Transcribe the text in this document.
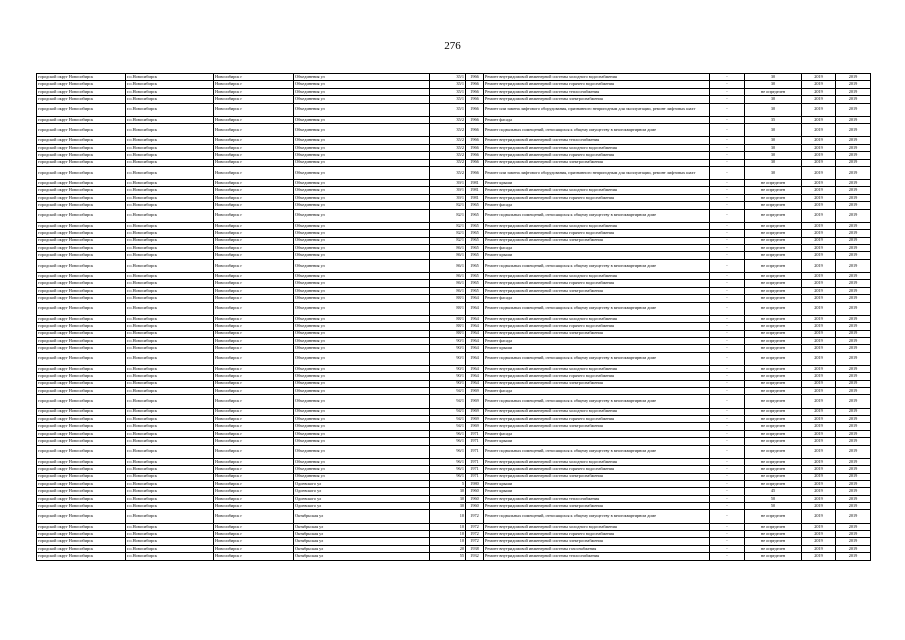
276
городской округ Новосибирск	г.о.Новосибирск	Новосибирск г	Объединения ул	35/1	1966	Ремонт внутридомовой инженерной системы холодного водоснабжения	-	30	2019	2019
городской округ Новосибирск	г.о.Новосибирск	Новосибирск г	Объединения ул	35/1	1966	Ремонт внутридомовой инженерной системы горячего водоснабжения	-	30	2019	2019
городской округ Новосибирск	г.о.Новосибирск	Новосибирск г	Объединения ул	35/1	1966	Ремонт внутридомовой инженерной системы теплоснабжения	-	не определен	2019	2019
городской округ Новосибирск	г.о.Новосибирск	Новосибирск г	Объединения ул	35/1	1966	Ремонт внутридомовой инженерной системы электроснабжения	-	30	2019	2019
городской округ Новосибирск	г.о.Новосибирск	Новосибирск г	Объединения ул	35/1	1966	Ремонт или замена лифтового оборудования, признанного непригодным для эксплуатации, ремонт лифтовых шахт	-	30	2019	2019
городской округ Новосибирск	г.о.Новосибирск	Новосибирск г	Объединения ул	35/2	1966	Ремонт фасада	-	35	2019	2019
городской округ Новосибирск	г.о.Новосибирск	Новосибирск г	Объединения ул	35/2	1966	Ремонт подвальных помещений, относящихся к общему имуществу в многоквартирном доме	-	30	2019	2019
городской округ Новосибирск	г.о.Новосибирск	Новосибирск г	Объединения ул	35/2	1966	Ремонт внутридомовой инженерной системы теплоснабжения	-	30	2019	2019
городской округ Новосибирск	г.о.Новосибирск	Новосибирск г	Объединения ул	35/2	1966	Ремонт внутридомовой инженерной системы холодного водоснабжения	-	30	2019	2019
городской округ Новосибирск	г.о.Новосибирск	Новосибирск г	Объединения ул	35/2	1966	Ремонт внутридомовой инженерной системы горячего водоснабжения	-	30	2019	2019
городской округ Новосибирск	г.о.Новосибирск	Новосибирск г	Объединения ул	35/2	1966	Ремонт внутридомовой инженерной системы электроснабжения	-	30	2019	2019
городской округ Новосибирск	г.о.Новосибирск	Новосибирск г	Объединения ул	35/2	1966	Ремонт или замена лифтового оборудования, признанного непригодным для эксплуатации, ремонт лифтовых шахт	-	30	2019	2019
городской округ Новосибирск	г.о.Новосибирск	Новосибирск г	Объединения ул	39/1	1981	Ремонт крыши	-	не определен	2019	2019
городской округ Новосибирск	г.о.Новосибирск	Новосибирск г	Объединения ул	39/1	1981	Ремонт внутридомовой инженерной системы холодного водоснабжения	-	не определен	2019	2019
городской округ Новосибирск	г.о.Новосибирск	Новосибирск г	Объединения ул	39/1	1981	Ремонт внутридомовой инженерной системы горячего водоснабжения	-	не определен	2019	2019
городской округ Новосибирск	г.о.Новосибирск	Новосибирск г	Объединения ул	82/1	1965	Ремонт фасада	-	не определен	2019	2019
городской округ Новосибирск	г.о.Новосибирск	Новосибирск г	Объединения ул	82/1	1965	Ремонт подвальных помещений, относящихся к общему имуществу в многоквартирном доме	-	не определен	2019	2019
городской округ Новосибирск	г.о.Новосибирск	Новосибирск г	Объединения ул	82/1	1965	Ремонт внутридомовой инженерной системы холодного водоснабжения	-	не определен	2019	2019
городской округ Новосибирск	г.о.Новосибирск	Новосибирск г	Объединения ул	82/1	1965	Ремонт внутридомовой инженерной системы горячего водоснабжения	-	не определен	2019	2019
городской округ Новосибирск	г.о.Новосибирск	Новосибирск г	Объединения ул	82/1	1965	Ремонт внутридомовой инженерной системы электроснабжения	-	не определен	2019	2019
городской округ Новосибирск	г.о.Новосибирск	Новосибирск г	Объединения ул	86/1	1965	Ремонт фасада	-	не определен	2019	2019
городской округ Новосибирск	г.о.Новосибирск	Новосибирск г	Объединения ул	86/1	1965	Ремонт крыши	-	не определен	2019	2019
городской округ Новосибирск	г.о.Новосибирск	Новосибирск г	Объединения ул	86/1	1965	Ремонт подвальных помещений, относящихся к общему имуществу в многоквартирном доме	-	не определен	2019	2019
городской округ Новосибирск	г.о.Новосибирск	Новосибирск г	Объединения ул	86/1	1965	Ремонт внутридомовой инженерной системы холодного водоснабжения	-	не определен	2019	2019
городской округ Новосибирск	г.о.Новосибирск	Новосибирск г	Объединения ул	86/1	1965	Ремонт внутридомовой инженерной системы горячего водоснабжения	-	не определен	2019	2019
городской округ Новосибирск	г.о.Новосибирск	Новосибирск г	Объединения ул	86/1	1965	Ремонт внутридомовой инженерной системы электроснабжения	-	не определен	2019	2019
городской округ Новосибирск	г.о.Новосибирск	Новосибирск г	Объединения ул	88/1	1964	Ремонт фасада	-	не определен	2019	2019
городской округ Новосибирск	г.о.Новосибирск	Новосибирск г	Объединения ул	88/1	1964	Ремонт подвальных помещений, относящихся к общему имуществу в многоквартирном доме	-	не определен	2019	2019
городской округ Новосибирск	г.о.Новосибирск	Новосибирск г	Объединения ул	88/1	1964	Ремонт внутридомовой инженерной системы холодного водоснабжения	-	не определен	2019	2019
городской округ Новосибирск	г.о.Новосибирск	Новосибирск г	Объединения ул	88/1	1964	Ремонт внутридомовой инженерной системы горячего водоснабжения	-	не определен	2019	2019
городской округ Новосибирск	г.о.Новосибирск	Новосибирск г	Объединения ул	88/1	1964	Ремонт внутридомовой инженерной системы электроснабжения	-	не определен	2019	2019
городской округ Новосибирск	г.о.Новосибирск	Новосибирск г	Объединения ул	90/1	1964	Ремонт фасада	-	не определен	2019	2019
городской округ Новосибирск	г.о.Новосибирск	Новосибирск г	Объединения ул	90/1	1964	Ремонт крыши	-	не определен	2019	2019
городской округ Новосибирск	г.о.Новосибирск	Новосибирск г	Объединения ул	90/1	1964	Ремонт подвальных помещений, относящихся к общему имуществу в многоквартирном доме	-	не определен	2019	2019
городской округ Новосибирск	г.о.Новосибирск	Новосибирск г	Объединения ул	90/1	1964	Ремонт внутридомовой инженерной системы холодного водоснабжения	-	не определен	2019	2019
городской округ Новосибирск	г.о.Новосибирск	Новосибирск г	Объединения ул	90/1	1964	Ремонт внутридомовой инженерной системы горячего водоснабжения	-	не определен	2019	2019
городской округ Новосибирск	г.о.Новосибирск	Новосибирск г	Объединения ул	90/1	1964	Ремонт внутридомовой инженерной системы электроснабжения	-	не определен	2019	2019
городской округ Новосибирск	г.о.Новосибирск	Новосибирск г	Объединения ул	94/1	1969	Ремонт фасада	-	не определен	2019	2019
городской округ Новосибирск	г.о.Новосибирск	Новосибирск г	Объединения ул	94/1	1969	Ремонт подвальных помещений, относящихся к общему имуществу в многоквартирном доме	-	не определен	2019	2019
городской округ Новосибирск	г.о.Новосибирск	Новосибирск г	Объединения ул	94/1	1969	Ремонт внутридомовой инженерной системы холодного водоснабжения	-	не определен	2019	2019
городской округ Новосибирск	г.о.Новосибирск	Новосибирск г	Объединения ул	94/1	1969	Ремонт внутридомовой инженерной системы горячего водоснабжения	-	не определен	2019	2019
городской округ Новосибирск	г.о.Новосибирск	Новосибирск г	Объединения ул	94/1	1969	Ремонт внутридомовой инженерной системы электроснабжения	-	не определен	2019	2019
городской округ Новосибирск	г.о.Новосибирск	Новосибирск г	Объединения ул	96/1	1971	Ремонт фасада	-	не определен	2019	2019
городской округ Новосибирск	г.о.Новосибирск	Новосибирск г	Объединения ул	96/1	1971	Ремонт крыши	-	не определен	2019	2019
городской округ Новосибирск	г.о.Новосибирск	Новосибирск г	Объединения ул	96/1	1971	Ремонт подвальных помещений, относящихся к общему имуществу в многоквартирном доме	-	не определен	2019	2019
городской округ Новосибирск	г.о.Новосибирск	Новосибирск г	Объединения ул	96/1	1971	Ремонт внутридомовой инженерной системы холодного водоснабжения	-	не определен	2019	2019
городской округ Новосибирск	г.о.Новосибирск	Новосибирск г	Объединения ул	96/1	1971	Ремонт внутридомовой инженерной системы горячего водоснабжения	-	не определен	2019	2019
городской округ Новосибирск	г.о.Новосибирск	Новосибирск г	Объединения ул	96/1	1971	Ремонт внутридомовой инженерной системы электроснабжения	-	не определен	2019	2019
городской округ Новосибирск	г.о.Новосибирск	Новосибирск г	Одоевского ул	5	1980	Ремонт крыши	-	не определен	2019	2019
городской округ Новосибирск	г.о.Новосибирск	Новосибирск г	Одоевского ул	30	1960	Ремонт крыши	-	45	2019	2019
городской округ Новосибирск	г.о.Новосибирск	Новосибирск г	Одоевского ул	30	1960	Ремонт внутридомовой инженерной системы теплоснабжения	-	50	2019	2019
городской округ Новосибирск	г.о.Новосибирск	Новосибирск г	Одоевского ул	30	1960	Ремонт внутридомовой инженерной системы электроснабжения	-	50	2019	2019
городской округ Новосибирск	г.о.Новосибирск	Новосибирск г	Октябрьская ул	10	1972	Ремонт подвальных помещений, относящихся к общему имуществу в многоквартирном доме	-	не определен	2019	2019
городской округ Новосибирск	г.о.Новосибирск	Новосибирск г	Октябрьская ул	10	1972	Ремонт внутридомовой инженерной системы холодного водоснабжения	-	не определен	2019	2019
городской округ Новосибирск	г.о.Новосибирск	Новосибирск г	Октябрьская ул	10	1972	Ремонт внутридомовой инженерной системы горячего водоснабжения	-	не определен	2019	2019
городской округ Новосибирск	г.о.Новосибирск	Новосибирск г	Октябрьская ул	10	1972	Ремонт внутридомовой инженерной системы электроснабжения	-	не определен	2019	2019
городской округ Новосибирск	г.о.Новосибирск	Новосибирск г	Октябрьская ул	20	1938	Ремонт внутридомовой инженерной системы газоснабжения	-	не определен	2019	2019
городской округ Новосибирск	г.о.Новосибирск	Новосибирск г	Октябрьская ул	55	1932	Ремонт внутридомовой инженерной системы теплоснабжения	-	не определен	2019	2019
